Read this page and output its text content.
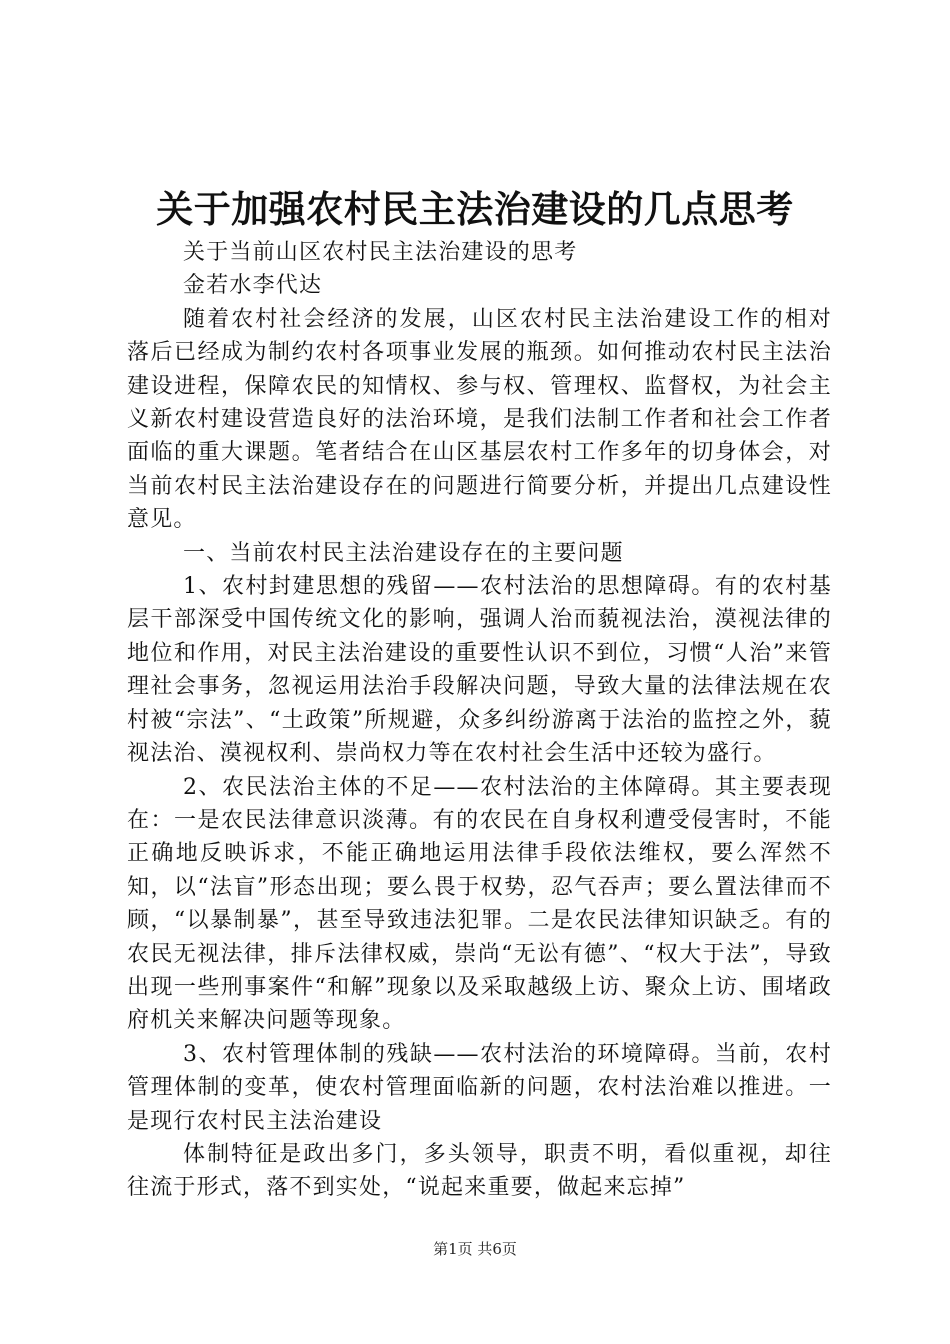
关于加强农村民主法治建设的几点思考

关于当前山区农村民主法治建设的思考

金若水李代达

随着农村社会经济的发展，山区农村民主法治建设工作的相对落后已经成为制约农村各项事业发展的瓶颈。如何推动农村民主法治建设进程，保障农民的知情权、参与权、管理权、监督权，为社会主义新农村建设营造良好的法治环境，是我们法制工作者和社会工作者面临的重大课题。笔者结合在山区基层农村工作多年的切身体会，对当前农村民主法治建设存在的问题进行简要分析，并提出几点建设性意见。

一、当前农村民主法治建设存在的主要问题

1、农村封建思想的残留——农村法治的思想障碍。有的农村基层干部深受中国传统文化的影响，强调人治而藐视法治，漠视法律的地位和作用，对民主法治建设的重要性认识不到位，习惯“人治”来管理社会事务，忽视运用法治手段解决问题，导致大量的法律法规在农村被“宗法”、“土政策”所规避，众多纠纷游离于法治的监控之外，藐视法治、漠视权利、崇尚权力等在农村社会生活中还较为盛行。

2、农民法治主体的不足——农村法治的主体障碍。其主要表现在：一是农民法律意识淡薄。有的农民在自身权利遭受侵害时，不能正确地反映诉求，不能正确地运用法律手段依法维权，要么浑然不知，以“法盲”形态出现；要么畏于权势，忍气吞声；要么置法律而不顾，“以暴制暴”，甚至导致违法犯罪。二是农民法律知识缺乏。有的农民无视法律，排斥法律权威，崇尚“无讼有德”、“权大于法”，导致出现一些刑事案件“和解”现象以及采取越级上访、聚众上访、围堵政府机关来解决问题等现象。

3、农村管理体制的残缺——农村法治的环境障碍。当前，农村管理体制的变革，使农村管理面临新的问题，农村法治难以推进。一是现行农村民主法治建设

体制特征是政出多门，多头领导，职责不明，看似重视，却往往流于形式，落不到实处，“说起来重要，做起来忘掉”

第1页 共6页
